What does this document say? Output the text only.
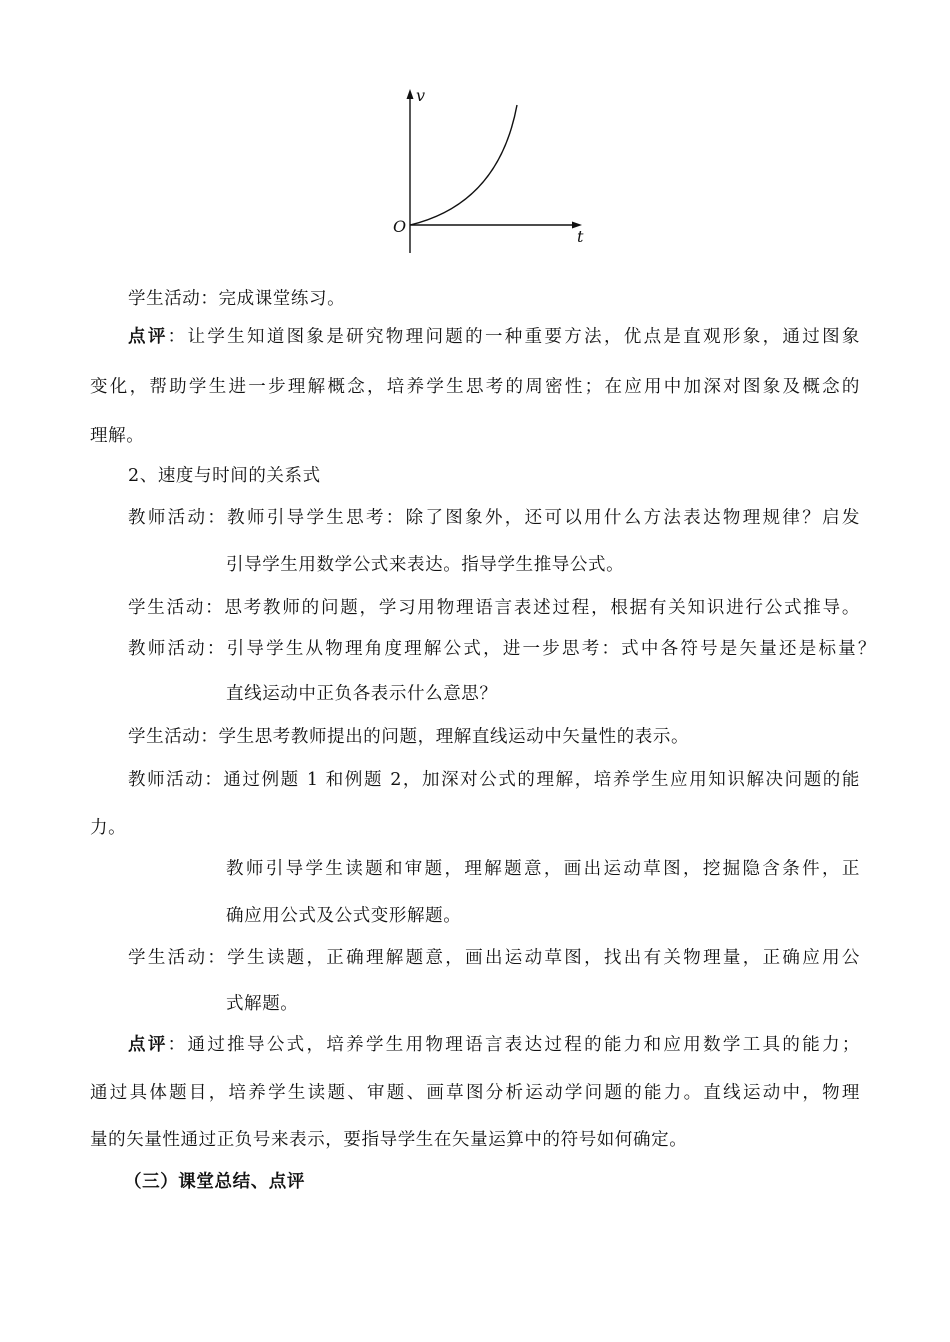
v
t
O
学生活动：完成课堂练习。
点评：让学生知道图象是研究物理问题的一种重要方法，优点是直观形象，通过图象
变化，帮助学生进一步理解概念，培养学生思考的周密性；在应用中加深对图象及概念的
理解。
2、速度与时间的关系式
教师活动：教师引导学生思考：除了图象外，还可以用什么方法表达物理规律？启发
引导学生用数学公式来表达。指导学生推导公式。
学生活动：思考教师的问题，学习用物理语言表述过程，根据有关知识进行公式推导。
教师活动：引导学生从物理角度理解公式，进一步思考：式中各符号是矢量还是标量？
直线运动中正负各表示什么意思？
学生活动：学生思考教师提出的问题，理解直线运动中矢量性的表示。
教师活动：通过例题 1 和例题 2，加深对公式的理解，培养学生应用知识解决问题的能
力。
教师引导学生读题和审题，理解题意，画出运动草图，挖掘隐含条件，正
确应用公式及公式变形解题。
学生活动：学生读题，正确理解题意，画出运动草图，找出有关物理量，正确应用公
式解题。
点评：通过推导公式，培养学生用物理语言表达过程的能力和应用数学工具的能力；
通过具体题目，培养学生读题、审题、画草图分析运动学问题的能力。直线运动中，物理
量的矢量性通过正负号来表示，要指导学生在矢量运算中的符号如何确定。
（三）课堂总结、点评
